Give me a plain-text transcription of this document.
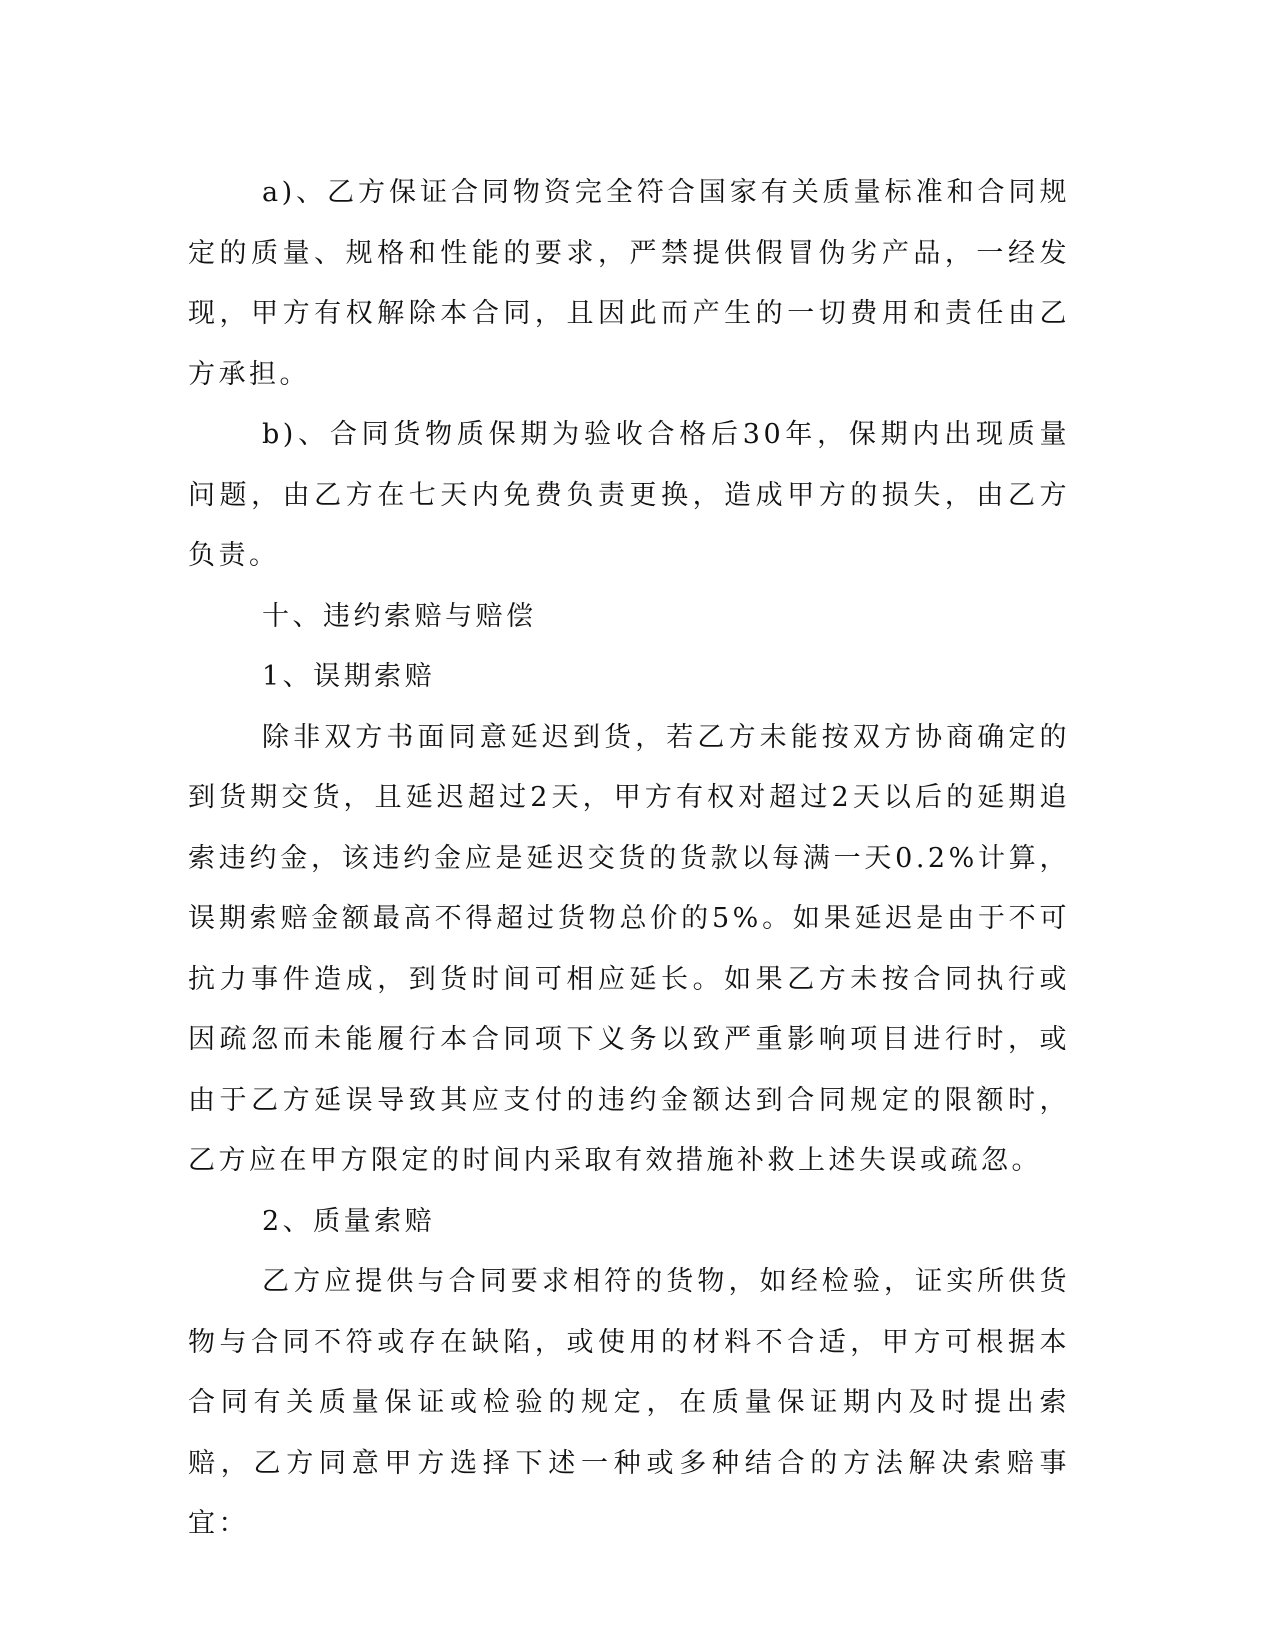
a)、乙方保证合同物资完全符合国家有关质量标准和合同规定的质量、规格和性能的要求，严禁提供假冒伪劣产品，一经发现，甲方有权解除本合同，且因此而产生的一切费用和责任由乙方承担。

b)、合同货物质保期为验收合格后30年，保期内出现质量问题，由乙方在七天内免费负责更换，造成甲方的损失，由乙方负责。

十、违约索赔与赔偿

1、误期索赔

除非双方书面同意延迟到货，若乙方未能按双方协商确定的到货期交货，且延迟超过2天，甲方有权对超过2天以后的延期追索违约金，该违约金应是延迟交货的货款以每满一天0.2%计算，误期索赔金额最高不得超过货物总价的5%。如果延迟是由于不可抗力事件造成，到货时间可相应延长。如果乙方未按合同执行或因疏忽而未能履行本合同项下义务以致严重影响项目进行时，或由于乙方延误导致其应支付的违约金额达到合同规定的限额时，乙方应在甲方限定的时间内采取有效措施补救上述失误或疏忽。

2、质量索赔

乙方应提供与合同要求相符的货物，如经检验，证实所供货物与合同不符或存在缺陷，或使用的材料不合适，甲方可根据本合同有关质量保证或检验的规定，在质量保证期内及时提出索赔，乙方同意甲方选择下述一种或多种结合的方法解决索赔事宜：
